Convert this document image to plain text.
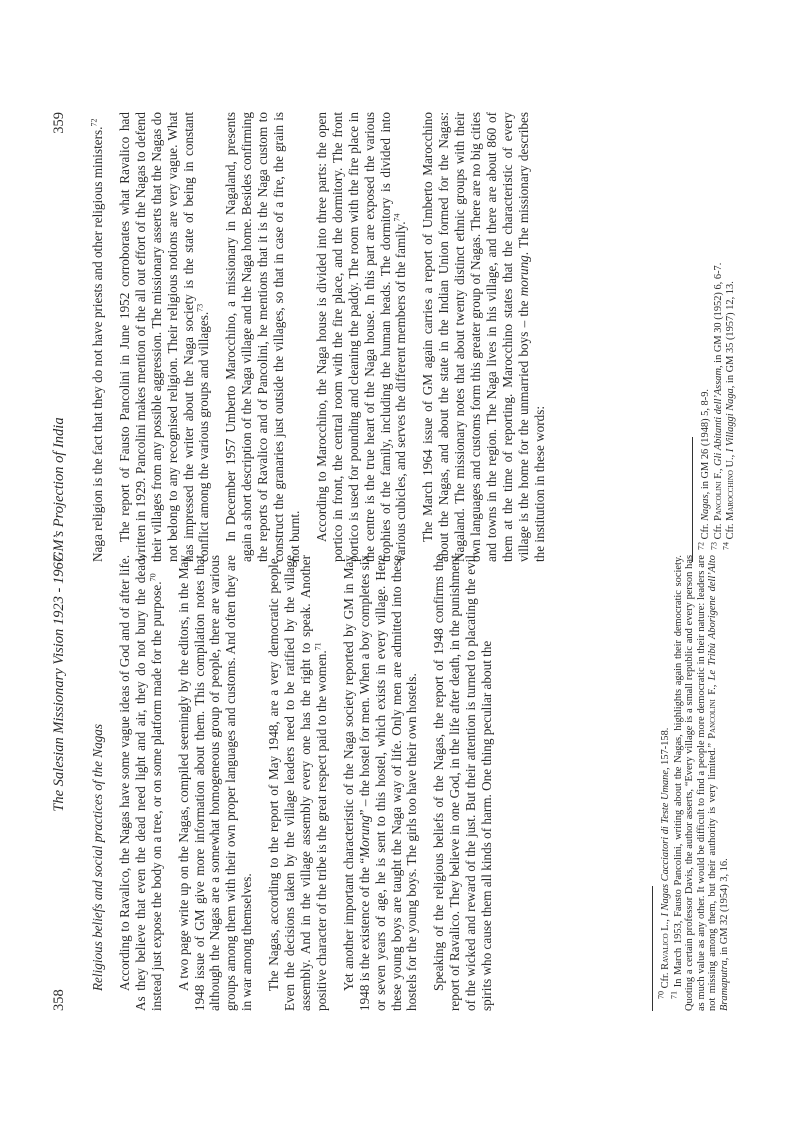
358
The Salesian Missionary Vision 1923 - 1967

Religious beliefs and social practices of the Nagas According to Ravalico, the Nagas have some vague ideas of God and of after life. As they believe that even the dead need light and air, they do not bury the dead, instead just expose the body on a tree, or on some platform made for the purpose.$^{70}$	A two page write up on the Nagas, compiled seemingly by the editors, in the May 1948 issue of GM give more information about them. This compilation notes that although the Nagas are a somewhat homogeneous group of people, there are various groups among them with their own proper languages and customs. And often they are in war among themselves. The Nagas, according to the report of May 1948, are a very democratic people. Even the decisions taken by the village leaders need to be ratified by the village assembly. And in the village assembly every one has the right to speak. Another positive character of the tribe is the great respect paid to the women.$^{71}$	Yet another important characteristic of the Naga society reported by GM in May 1948 is the existence of the “Morung” – the hostel for men. When a boy completes six or seven years of age, he is sent to this hostel, which exists in every village. Here these young boys are taught the Naga way of life. Only men are admitted into these hostels for the young boys. The girls too have their own hostels. Speaking of the religious beliefs of the Nagas, the report of 1948 confirms the report of Ravalico. They believe in one God, in the life after death, in the punishment of the wicked and reward of the just. But their attention is turned to placating the evil spirits who cause them all kinds of harm. One thing peculiar about the	$^{70}$ Cfr. Ravalico L., I Nagas Cacciatori di Teste Umane, 157-158.

$^{71}$ In March 1953, Fausto Pancolini, writing about the Nagas, highlights again their democratic society. Quoting a certain professor Davis, the author asserts, “Every village is a small republic and every person has as much value as any other. It would be difficult to find a people more democratic in their nature: leaders are not missing among them, but their authority is very limited.” Pancolini F., Le Tribù Aborigene dell’Alto Bramaputra, in GM 32 (1954) 3, 16.

GM’s Projection of India
359

Naga religion is the fact that they do not have priests and other religious ministers.$^{72}$	The report of Fausto Pancolini in June 1952 corroborates what Ravalico had written in 1929. Pancolini makes mention of the all out effort of the Nagas to defend their villages from any possible aggression. The missionary asserts that the Nagas do not belong to any recognised religion. Their religious notions are very vague. What has impressed the writer about the Naga society is the state of being in constant conflict among the various groups and villages.$^{73}$	In December 1957 Umberto Marocchino, a missionary in Nagaland, presents again a short description of the Naga village and the Naga home. Besides confirming the reports of Ravalico and of Pancolini, he mentions that it is the Naga custom to construct the granaries just outside the villages, so that in case of a fire, the grain is not burnt. According to Marocchino, the Naga house is divided into three parts: the open portico in front, the central room with the fire place, and the dormitory. The front portico is used for pounding and cleaning the paddy. The room with the fire place in the centre is the true heart of the Naga house. In this part are exposed the various trophies of the family, including the human heads. The dormitory is divided into various cubicles, and serves the different members of the family.$^{74}$	The March 1964 issue of GM again carries a report of Umberto Marocchino about the Nagas, and about the state in the Indian Union formed for the Nagas: Nagaland. The missionary notes that about twenty distinct ethnic groups with their own languages and customs form this greater group of Nagas. There are no big cities and towns in the region. The Naga lives in his village, and there are about 860 of them at the time of reporting. Marocchino states that the characteristic of every village is the home for the unmarried boys – the morung. The missionary describes the institution in these words:	$^{72}$ Cfr. Nagas, in GM 26 (1948) 5, 8-9.

$^{73}$ Cfr. Pancolini F., Gli Abitanti dell’Assam, in GM 30 (1952) 6, 6-7.

$^{74}$ Cfr. Marocchino U., I Villaggi Naga, in GM 35 (1957) 12, 13.
